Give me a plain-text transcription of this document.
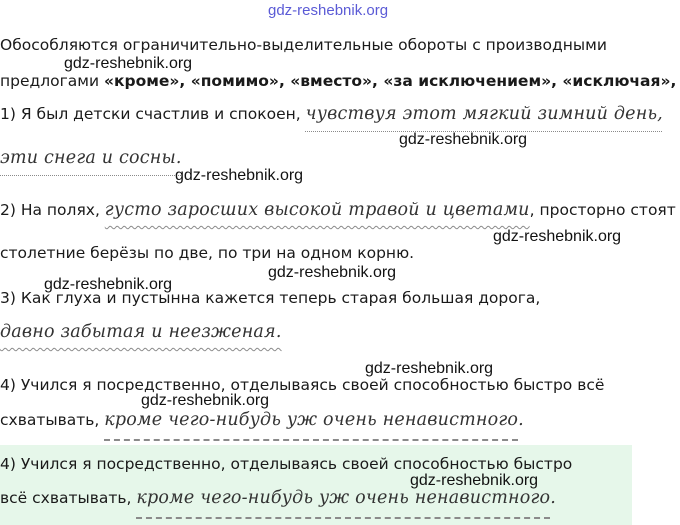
gdz-reshebnik.org
Обособляются ограничительно-выделительные обороты с производными
gdz-reshebnik.org
предлогами «кроме», «помимо», «вместо», «за исключением», «исключая»,
1) Я был детски счастлив и спокоен, чувствуя этот мягкий зимний день,
gdz-reshebnik.org
эти снега и сосны.
gdz-reshebnik.org
2) На полях, густо заросших высокой травой и цветами, просторно стоят
gdz-reshebnik.org
столетние берёзы по две, по три на одном корню.
gdz-reshebnik.org
gdz-reshebnik.org
3) Как глуха и пустынна кажется теперь старая большая дорога,
давно забытая и неезженая.
gdz-reshebnik.org
4) Учился я посредственно, отделываясь своей способностью быстро всё
gdz-reshebnik.org
схватывать, кроме чего-нибудь уж очень ненавистного.
4) Учился я посредственно, отделываясь своей способностью быстро
gdz-reshebnik.org
всё схватывать, кроме чего-нибудь уж очень ненавистного.
